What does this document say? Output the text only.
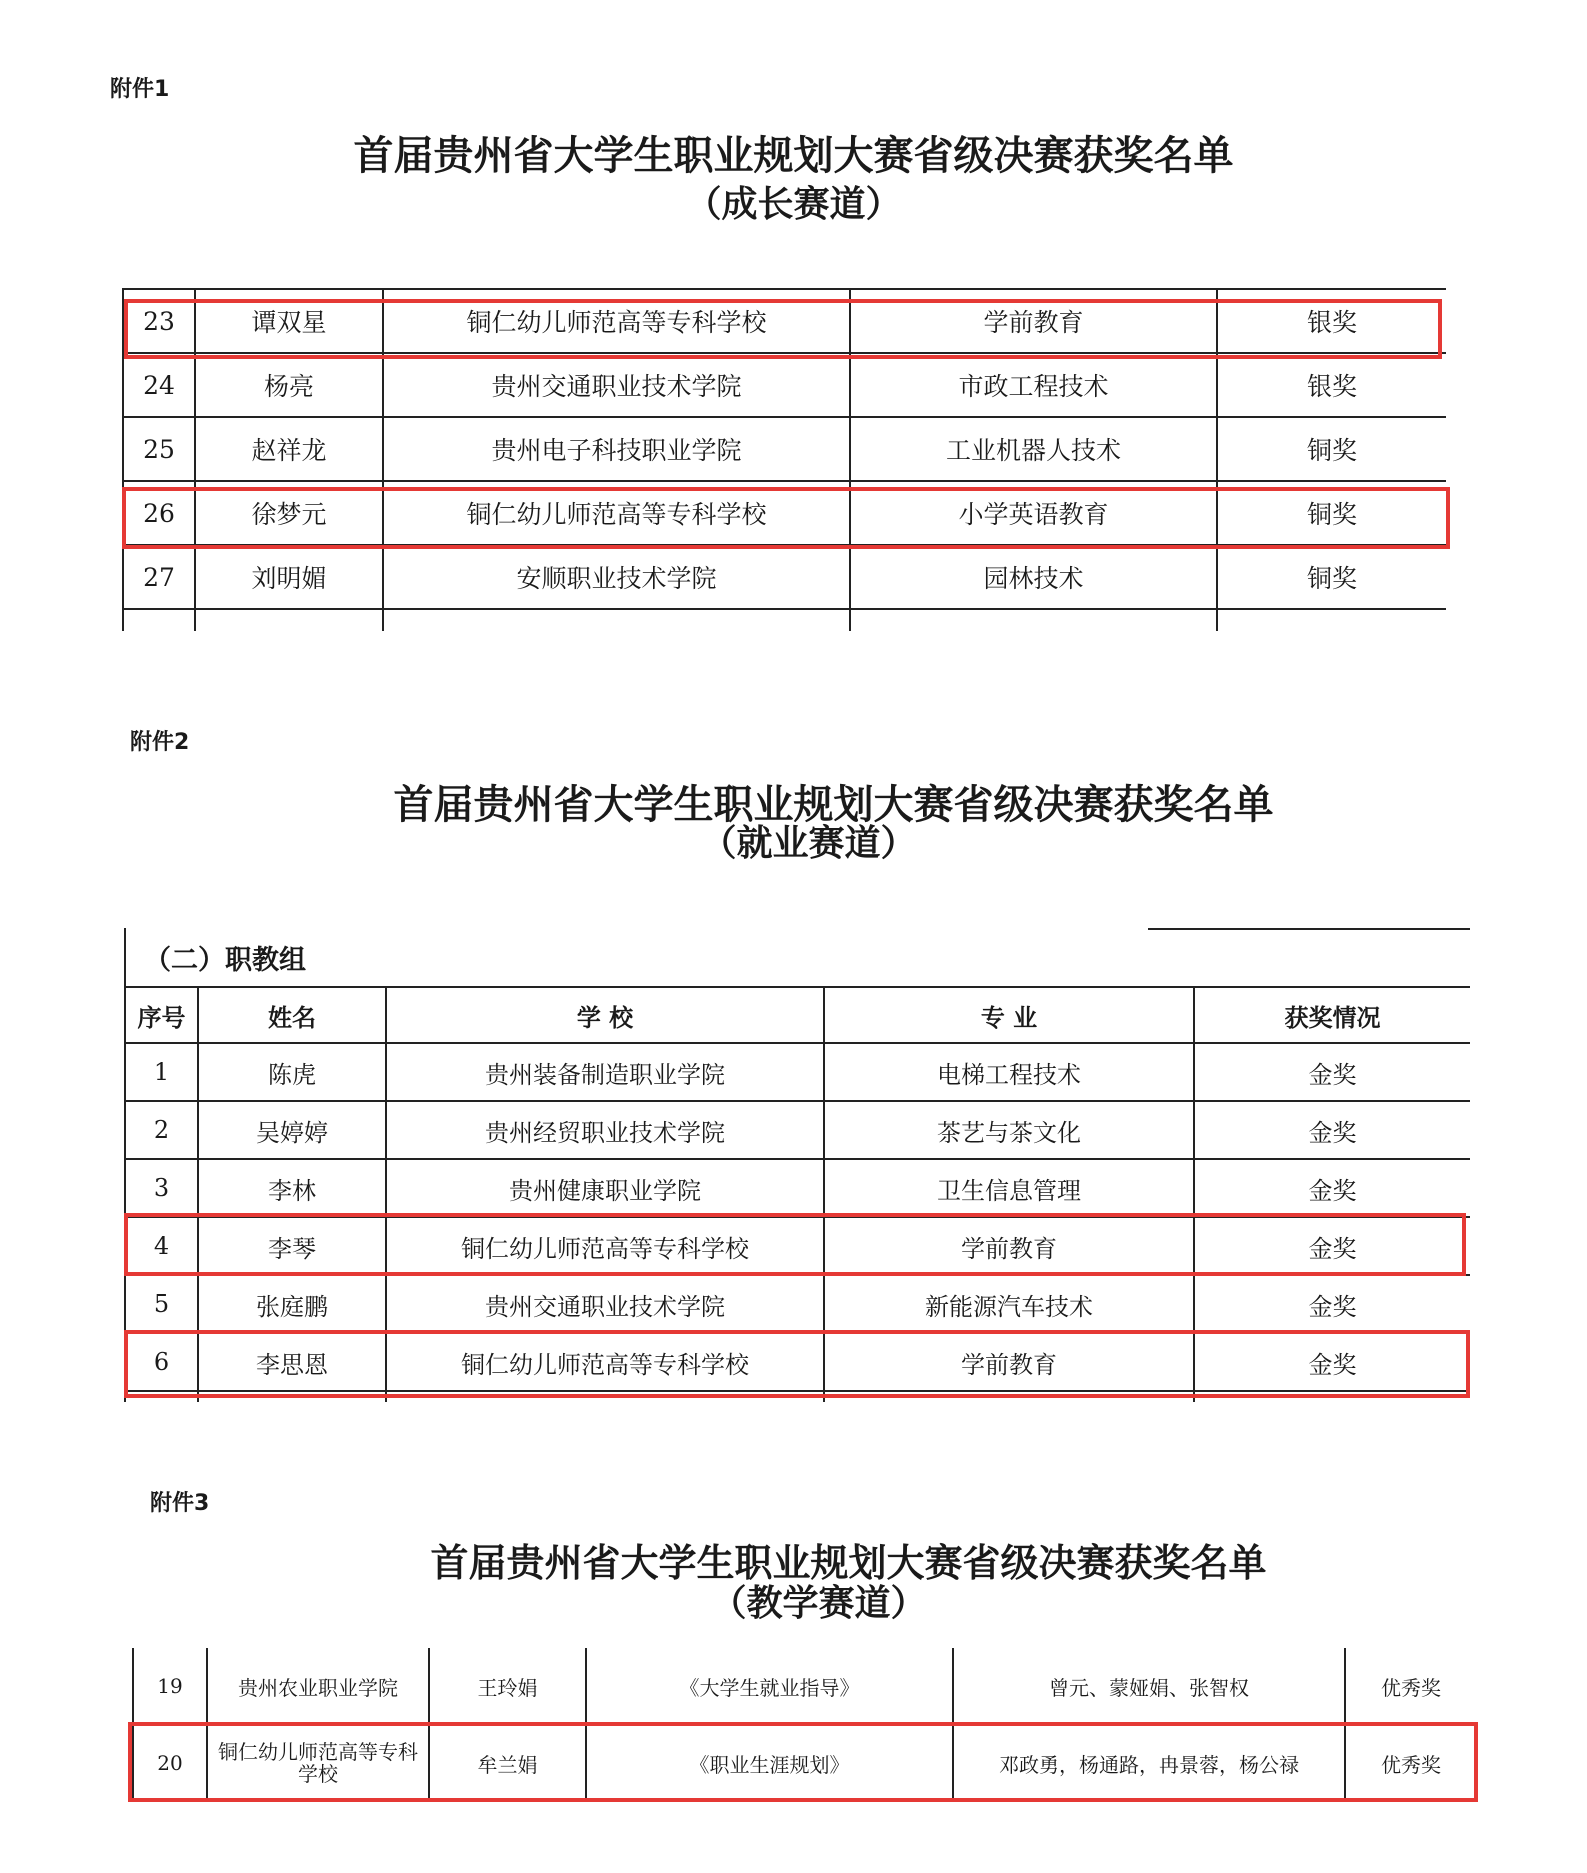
附件1
首届贵州省大学生职业规划大赛省级决赛获奖名单
（成长赛道）
23	谭双星	铜仁幼儿师范高等专科学校	学前教育	银奖
24	杨亮	贵州交通职业技术学院	市政工程技术	银奖
25	赵祥龙	贵州电子科技职业学院	工业机器人技术	铜奖
26	徐梦元	铜仁幼儿师范高等专科学校	小学英语教育	铜奖
27	刘明媚	安顺职业技术学院	园林技术	铜奖

附件2
首届贵州省大学生职业规划大赛省级决赛获奖名单
（就业赛道）
（二）职教组
序号	姓名	学 校	专 业	获奖情况
1	陈虎	贵州装备制造职业学院	电梯工程技术	金奖
2	吴婷婷	贵州经贸职业技术学院	茶艺与茶文化	金奖
3	李林	贵州健康职业学院	卫生信息管理	金奖
4	李琴	铜仁幼儿师范高等专科学校	学前教育	金奖
5	张庭鹏	贵州交通职业技术学院	新能源汽车技术	金奖
6	李思恩	铜仁幼儿师范高等专科学校	学前教育	金奖

附件3
首届贵州省大学生职业规划大赛省级决赛获奖名单
（教学赛道）
19	贵州农业职业学院	王玲娟	《大学生就业指导》	曾元、蒙娅娟、张智权	优秀奖
20	铜仁幼儿师范高等专科学校	牟兰娟	《职业生涯规划》	邓政勇，杨通路，冉景蓉，杨公禄	优秀奖
